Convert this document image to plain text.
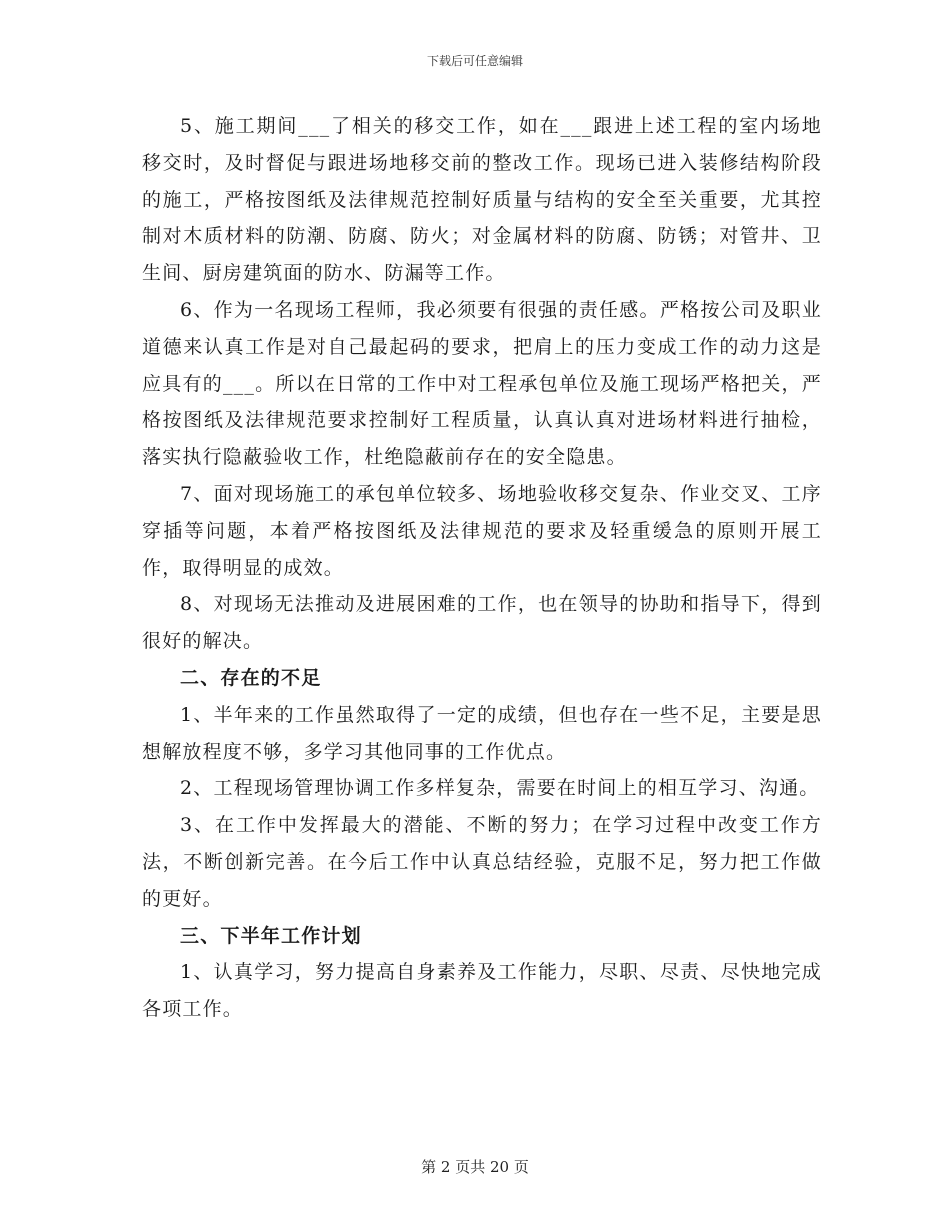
下载后可任意编辑

5、施工期间___了相关的移交工作，如在___跟进上述工程的室内场地移交时，及时督促与跟进场地移交前的整改工作。现场已进入装修结构阶段的施工，严格按图纸及法律规范控制好质量与结构的安全至关重要，尤其控制对木质材料的防潮、防腐、防火；对金属材料的防腐、防锈；对管井、卫生间、厨房建筑面的防水、防漏等工作。

6、作为一名现场工程师，我必须要有很强的责任感。严格按公司及职业道德来认真工作是对自己最起码的要求，把肩上的压力变成工作的动力这是应具有的___。所以在日常的工作中对工程承包单位及施工现场严格把关，严格按图纸及法律规范要求控制好工程质量，认真认真对进场材料进行抽检，落实执行隐蔽验收工作，杜绝隐蔽前存在的安全隐患。

7、面对现场施工的承包单位较多、场地验收移交复杂、作业交叉、工序穿插等问题，本着严格按图纸及法律规范的要求及轻重缓急的原则开展工作，取得明显的成效。

8、对现场无法推动及进展困难的工作，也在领导的协助和指导下，得到很好的解决。

二、存在的不足

1、半年来的工作虽然取得了一定的成绩，但也存在一些不足，主要是思想解放程度不够，多学习其他同事的工作优点。

2、工程现场管理协调工作多样复杂，需要在时间上的相互学习、沟通。

3、在工作中发挥最大的潜能、不断的努力；在学习过程中改变工作方法，不断创新完善。在今后工作中认真总结经验，克服不足，努力把工作做的更好。

三、下半年工作计划

1、认真学习，努力提高自身素养及工作能力，尽职、尽责、尽快地完成各项工作。

第 2 页共 20 页
